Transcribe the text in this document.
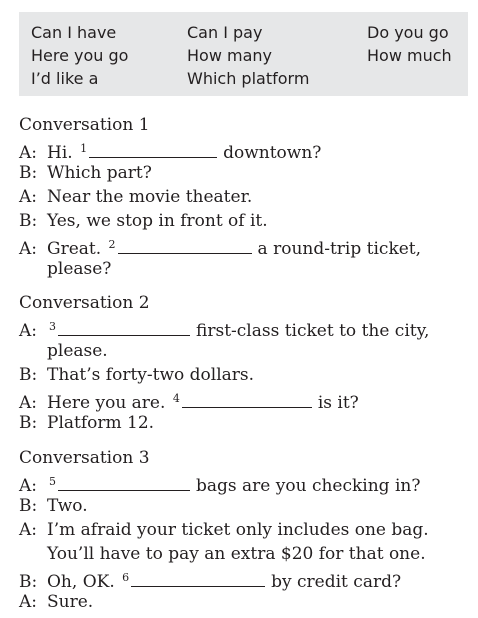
Can I have	Can I pay	Do you go
Here you go	How many	How much
I’d like a	Which platform
Conversation 1
A: Hi. $^1$	downtown?
B: Which part?
A: Near the movie theater.
B: Yes, we stop in front of it.
A: Great. $^2$	a round-trip ticket,
please?
Conversation 2
A: $^3$	first-class ticket to the city,
please.
B: That’s forty-two dollars.
A: Here you are. $^4$	is it?
B: Platform 12.
Conversation 3
A: $^5$	bags are you checking in?
B: Two.
A: I’m afraid your ticket only includes one bag.
You’ll have to pay an extra $20 for that one.
B: Oh, OK. $^6$	by credit card?
A: Sure.
